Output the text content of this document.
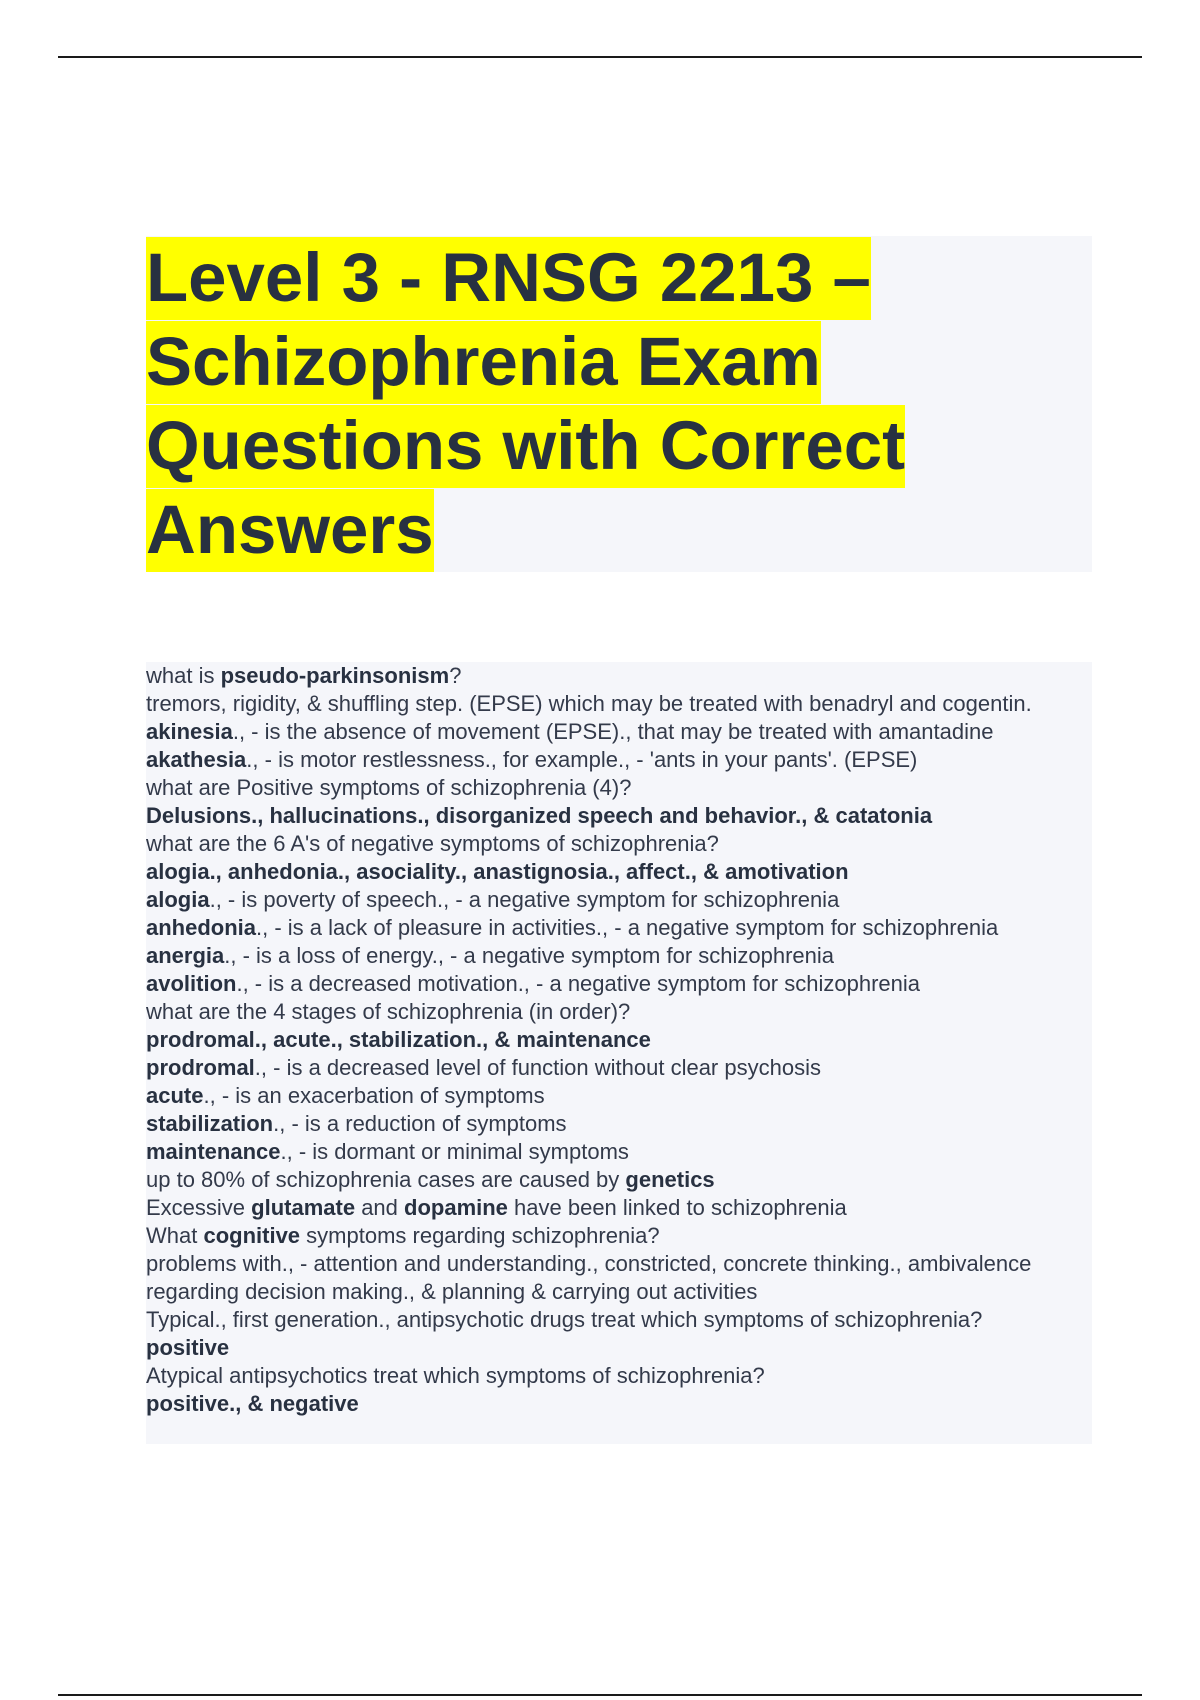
Level 3 - RNSG 2213 –
Schizophrenia Exam
Questions with Correct
Answers

what is pseudo-parkinsonism?

tremors, rigidity, & shuffling step. (EPSE) which may be treated with benadryl and cogentin.

akinesia., - is the absence of movement (EPSE)., that may be treated with amantadine

akathesia., - is motor restlessness., for example., - 'ants in your pants'. (EPSE)

what are Positive symptoms of schizophrenia (4)?

Delusions., hallucinations., disorganized speech and behavior., & catatonia

what are the 6 A's of negative symptoms of schizophrenia?

alogia., anhedonia., asociality., anastignosia., affect., & amotivation

alogia., - is poverty of speech., - a negative symptom for schizophrenia

anhedonia., - is a lack of pleasure in activities., - a negative symptom for schizophrenia

anergia., - is a loss of energy., - a negative symptom for schizophrenia

avolition., - is a decreased motivation., - a negative symptom for schizophrenia

what are the 4 stages of schizophrenia (in order)?

prodromal., acute., stabilization., & maintenance

prodromal., - is a decreased level of function without clear psychosis

acute., - is an exacerbation of symptoms

stabilization., - is a reduction of symptoms

maintenance., - is dormant or minimal symptoms

up to 80% of schizophrenia cases are caused by genetics

Excessive glutamate and dopamine have been linked to schizophrenia

What cognitive symptoms regarding schizophrenia?

problems with., - attention and understanding., constricted, concrete thinking., ambivalence regarding decision making., & planning & carrying out activities

Typical., first generation., antipsychotic drugs treat which symptoms of schizophrenia?

positive

Atypical antipsychotics treat which symptoms of schizophrenia?

positive., & negative
